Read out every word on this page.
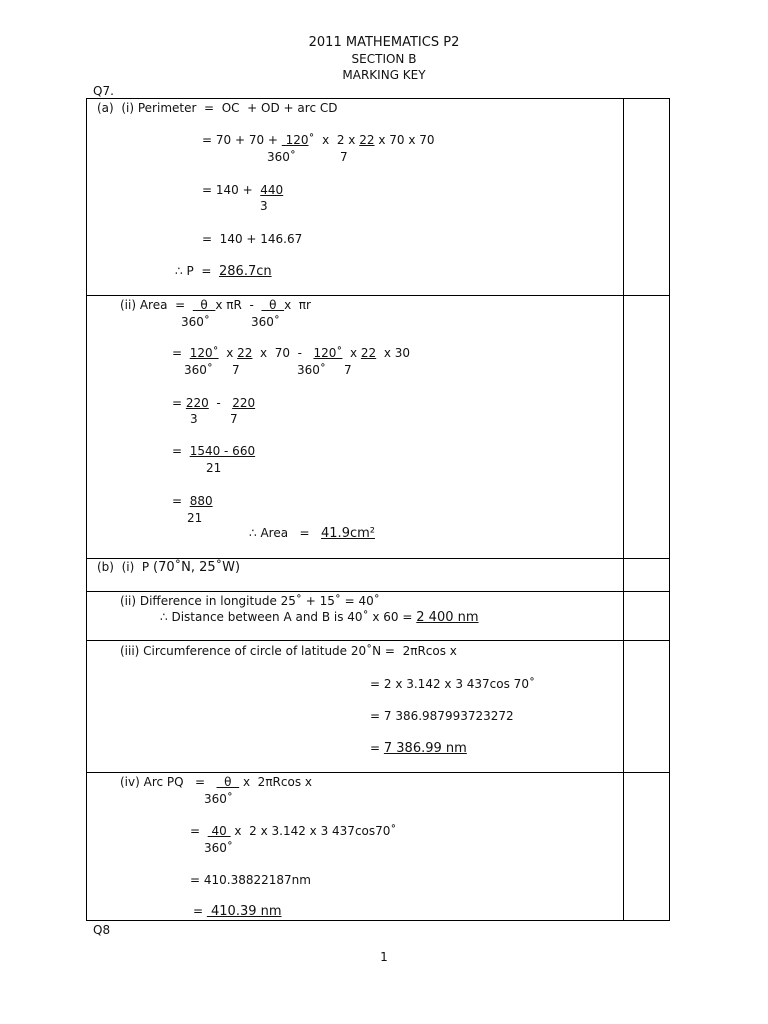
2011 MATHEMATICS P2
SECTION B
MARKING KEY
Q7.
(a)  (i) Perimeter  =  OC  + OD + arc CD
= 70 + 70 +  120˚  x  2 x 22 x 70 x 70
360˚	7
= 140 +  440
3
=  140 + 146.67
∴ P  =  286.7cn
(ii) Area  =    θ  x πR  -    θ  x  πr
360˚	360˚
=  120˚  x 22  x  70  -   120˚  x 22  x 30
360˚ 7	360˚ 7
= 220  -   220
3	7
=  1540 - 660
21
=  880
21
∴ Area   =   41.9cm²
(b)  (i)  P (70˚N, 25˚W)
(ii) Difference in longitude 25˚ + 15˚ = 40˚
∴ Distance between A and B is 40˚ x 60 = 2 400 nm
(iii) Circumference of circle of latitude 20˚N =  2πRcos x
= 2 x 3.142 x 3 437cos 70˚
= 7 386.987993723272
= 7 386.99 nm
(iv) Arc PQ   =     θ   x  2πRcos x
360˚
=   40  x  2 x 3.142 x 3 437cos70˚
360˚
= 410.38822187nm
=  410.39 nm
Q8
1
